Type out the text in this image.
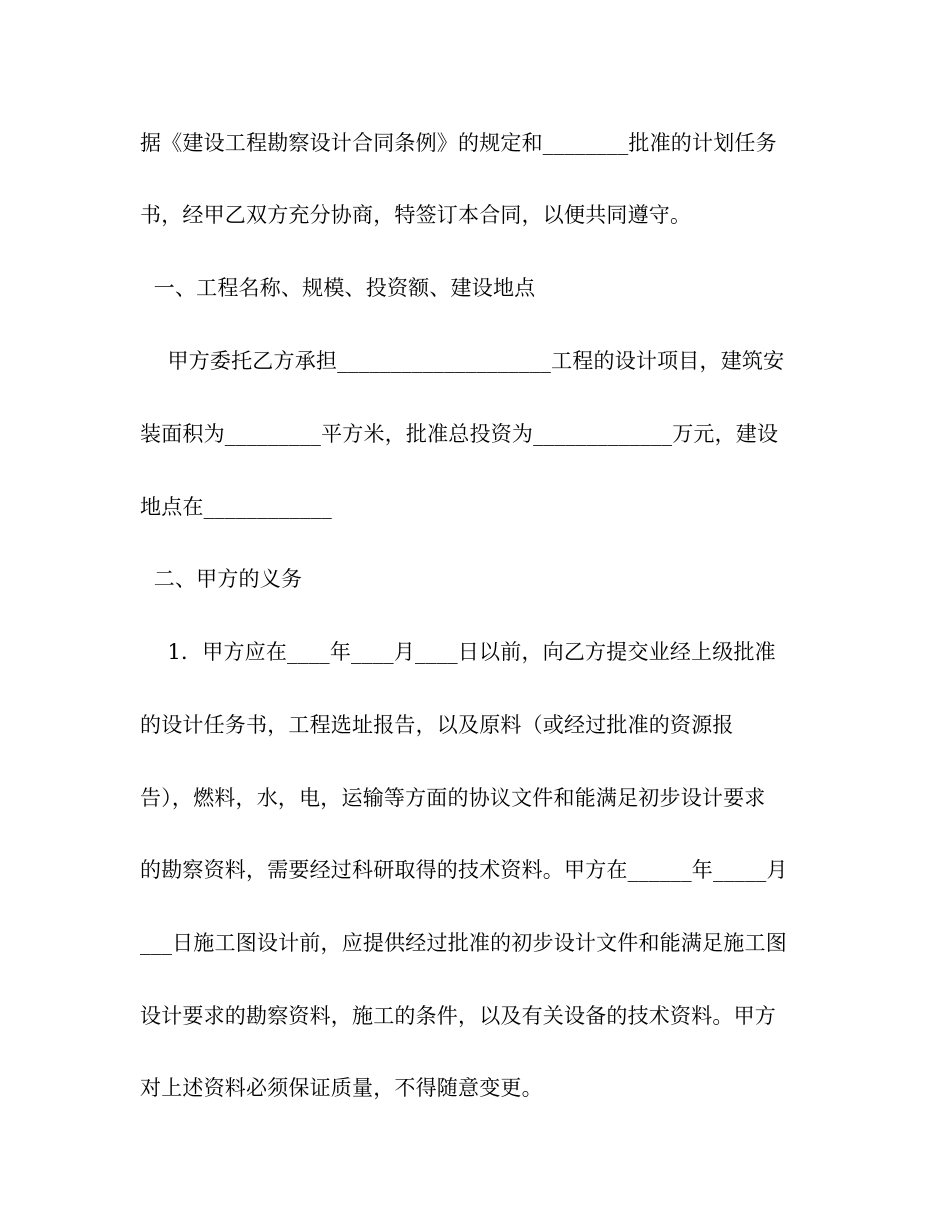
据《建设工程勘察设计合同条例》的规定和________批准的计划任务
书，经甲乙双方充分协商，特签订本合同，以便共同遵守。
一、工程名称、规模、投资额、建设地点
甲方委托乙方承担____________________工程的设计项目，建筑安
装面积为_________平方米，批准总投资为_____________万元，建设
地点在____________
二、甲方的义务
1．甲方应在____年____月____日以前，向乙方提交业经上级批准
的设计任务书，工程选址报告，以及原料（或经过批准的资源报
告），燃料，水，电，运输等方面的协议文件和能满足初步设计要求
的勘察资料，需要经过科研取得的技术资料。甲方在______年_____月
___日施工图设计前，应提供经过批准的初步设计文件和能满足施工图
设计要求的勘察资料，施工的条件，以及有关设备的技术资料。甲方
对上述资料必须保证质量，不得随意变更。
